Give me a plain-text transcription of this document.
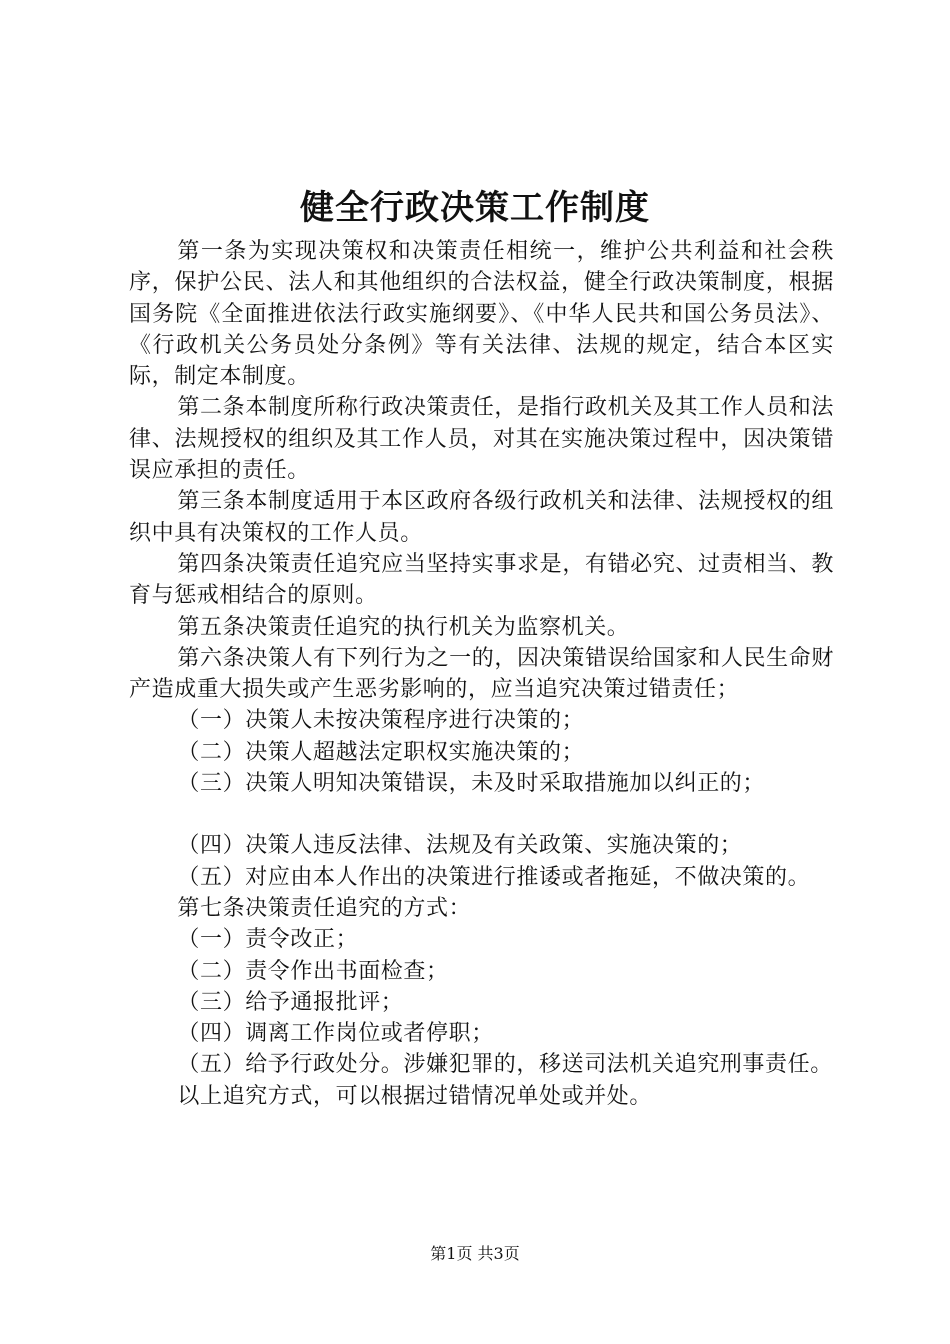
健全行政决策工作制度

第一条为实现决策权和决策责任相统一，维护公共利益和社会秩序，保护公民、法人和其他组织的合法权益，健全行政决策制度，根据国务院《全面推进依法行政实施纲要》、《中华人民共和国公务员法》、《行政机关公务员处分条例》等有关法律、法规的规定，结合本区实际，制定本制度。

第二条本制度所称行政决策责任，是指行政机关及其工作人员和法律、法规授权的组织及其工作人员，对其在实施决策过程中，因决策错误应承担的责任。

第三条本制度适用于本区政府各级行政机关和法律、法规授权的组织中具有决策权的工作人员。

第四条决策责任追究应当坚持实事求是，有错必究、过责相当、教育与惩戒相结合的原则。

第五条决策责任追究的执行机关为监察机关。

第六条决策人有下列行为之一的，因决策错误给国家和人民生命财产造成重大损失或产生恶劣影响的，应当追究决策过错责任；

（一）决策人未按决策程序进行决策的；

（二）决策人超越法定职权实施决策的；

（三）决策人明知决策错误，未及时采取措施加以纠正的；

（四）决策人违反法律、法规及有关政策、实施决策的；

（五）对应由本人作出的决策进行推诿或者拖延，不做决策的。

第七条决策责任追究的方式：

（一）责令改正；

（二）责令作出书面检查；

（三）给予通报批评；

（四）调离工作岗位或者停职；

（五）给予行政处分。涉嫌犯罪的，移送司法机关追究刑事责任。

以上追究方式，可以根据过错情况单处或并处。

第1页 共3页
